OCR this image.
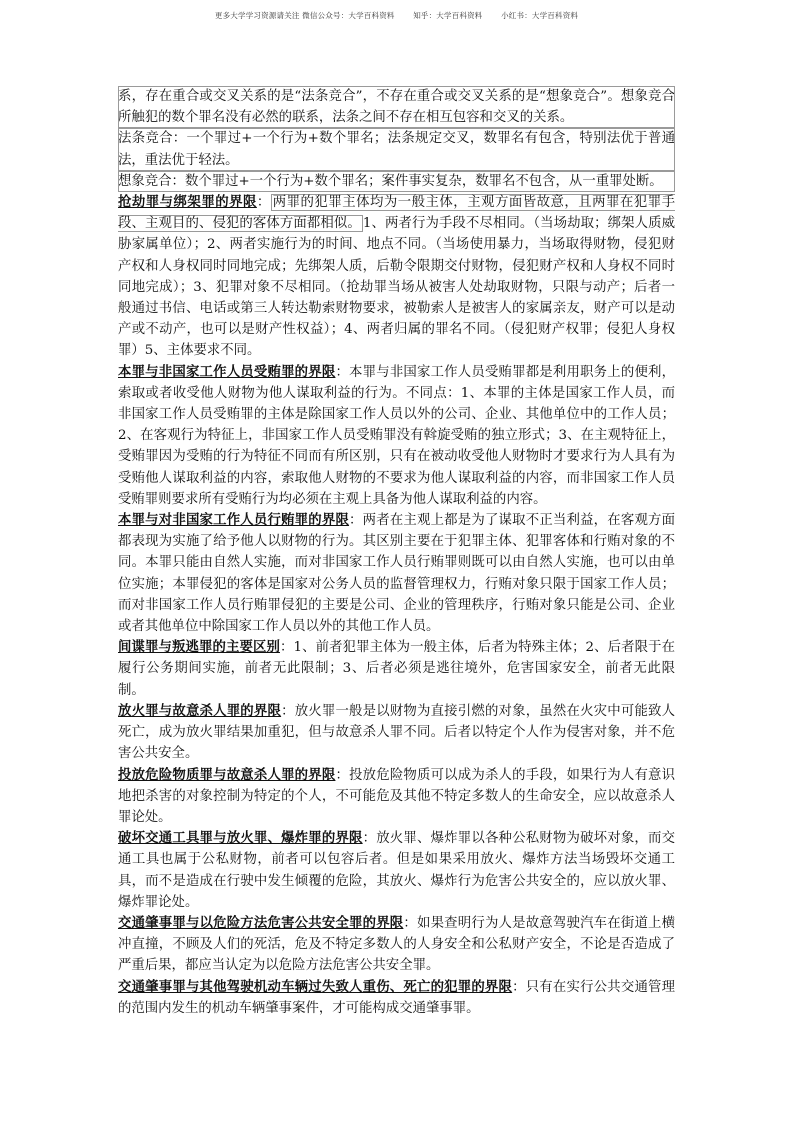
更多大学学习资源请关注 微信公众号：大学百科资料 知乎：大学百科资料 小红书：大学百科资料

系，存在重合或交叉关系的是“法条竞合”，不存在重合或交叉关系的是“想象竞合”。想象竞合所触犯的数个罪名没有必然的联系，法条之间不存在相互包容和交叉的关系。

法条竞合：一个罪过+一个行为+数个罪名；法条规定交叉，数罪名有包含，特别法优于普通法，重法优于轻法。

想象竞合：数个罪过+一个行为+数个罪名；案件事实复杂，数罪名不包含，从一重罪处断。

抢劫罪与绑架罪的界限： 两罪的犯罪主体均为一般主体，主观方面皆故意，且两罪在犯罪手段、主观目的、侵犯的客体方面都相似。 1、两者行为手段不尽相同。（当场劫取；绑架人质威胁家属单位）；2、两者实施行为的时间、地点不同。（当场使用暴力，当场取得财物，侵犯财产权和人身权同时同地完成；先绑架人质，后勒令限期交付财物，侵犯财产权和人身权不同时同地完成）；3、犯罪对象不尽相同。（抢劫罪当场从被害人处劫取财物，只限与动产；后者一般通过书信、电话或第三人转达勒索财物要求，被勒索人是被害人的家属亲友，财产可以是动产或不动产，也可以是财产性权益）；4、两者归属的罪名不同。（侵犯财产权罪；侵犯人身权罪）5、主体要求不同。

本罪与非国家工作人员受贿罪的界限：本罪与非国家工作人员受贿罪都是利用职务上的便利，索取或者收受他人财物为他人谋取利益的行为。不同点：1、本罪的主体是国家工作人员，而非国家工作人员受贿罪的主体是除国家工作人员以外的公司、企业、其他单位中的工作人员；2、在客观行为特征上，非国家工作人员受贿罪没有斡旋受贿的独立形式；3、在主观特征上，受贿罪因为受贿的行为特征不同而有所区别，只有在被动收受他人财物时才要求行为人具有为受贿他人谋取利益的内容，索取他人财物的不要求为他人谋取利益的内容，而非国家工作人员受贿罪则要求所有受贿行为均必须在主观上具备为他人谋取利益的内容。

本罪与对非国家工作人员行贿罪的界限：两者在主观上都是为了谋取不正当利益，在客观方面都表现为实施了给予他人以财物的行为。其区别主要在于犯罪主体、犯罪客体和行贿对象的不同。本罪只能由自然人实施，而对非国家工作人员行贿罪则既可以由自然人实施，也可以由单位实施；本罪侵犯的客体是国家对公务人员的监督管理权力，行贿对象只限于国家工作人员；而对非国家工作人员行贿罪侵犯的主要是公司、企业的管理秩序，行贿对象只能是公司、企业或者其他单位中除国家工作人员以外的其他工作人员。

间谍罪与叛逃罪的主要区别：1、前者犯罪主体为一般主体，后者为特殊主体；2、后者限于在履行公务期间实施，前者无此限制；3、后者必须是逃往境外，危害国家安全，前者无此限制。

放火罪与故意杀人罪的界限：放火罪一般是以财物为直接引燃的对象，虽然在火灾中可能致人死亡，成为放火罪结果加重犯，但与故意杀人罪不同。后者以特定个人作为侵害对象，并不危害公共安全。

投放危险物质罪与故意杀人罪的界限：投放危险物质可以成为杀人的手段，如果行为人有意识地把杀害的对象控制为特定的个人，不可能危及其他不特定多数人的生命安全，应以故意杀人罪论处。

破坏交通工具罪与放火罪、爆炸罪的界限：放火罪、爆炸罪以各种公私财物为破坏对象，而交通工具也属于公私财物，前者可以包容后者。但是如果采用放火、爆炸方法当场毁坏交通工具，而不是造成在行驶中发生倾覆的危险，其放火、爆炸行为危害公共安全的，应以放火罪、爆炸罪论处。

交通肇事罪与以危险方法危害公共安全罪的界限：如果查明行为人是故意驾驶汽车在街道上横冲直撞，不顾及人们的死活，危及不特定多数人的人身安全和公私财产安全，不论是否造成了严重后果，都应当认定为以危险方法危害公共安全罪。

交通肇事罪与其他驾驶机动车辆过失致人重伤、死亡的犯罪的界限：只有在实行公共交通管理的范围内发生的机动车辆肇事案件，才可能构成交通肇事罪。
